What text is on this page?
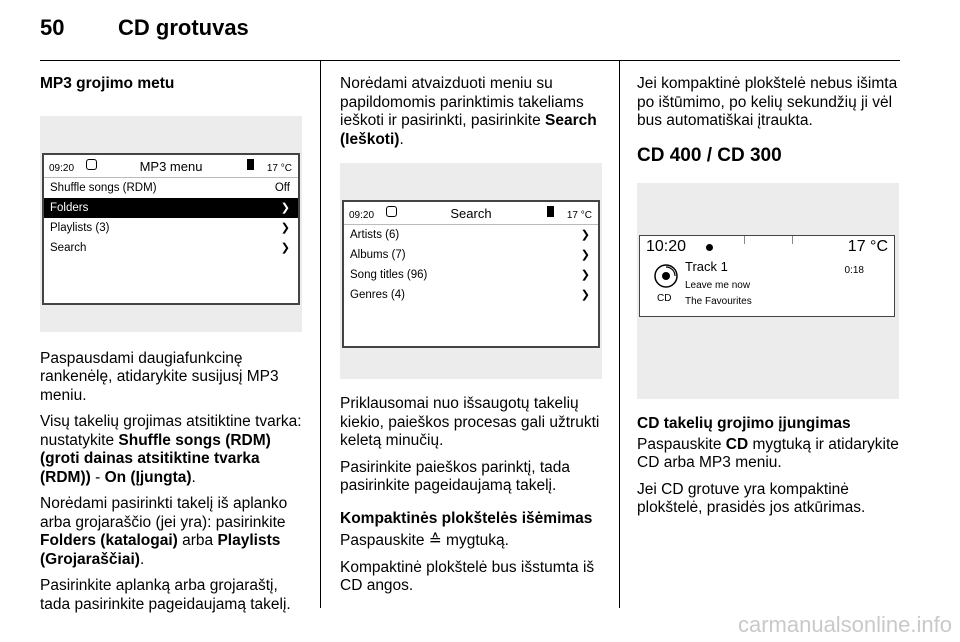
50 CD grotuvas
MP3 grojimo metu
09:20	MP3 menu	17 °C
Shuffle songs (RDM)	Off
Folders	❯
Playlists (3)	❯
Search	❯

Paspausdami daugiafunkcinę rankenėlę, atidarykite susijusį MP3 meniu.

Visų takelių grojimas atsitiktine tvarka: nustatykite Shuffle songs (RDM) (groti dainas atsitiktine tvarka (RDM)) - On (Įjungta).

Norėdami pasirinkti takelį iš aplanko arba grojaraščio (jei yra): pasirinkite Folders (katalogai) arba Playlists (Grojaraščiai).

Pasirinkite aplanką arba grojaraštį, tada pasirinkite pageidaujamą takelį.

Norėdami atvaizduoti meniu su papildomomis parinktimis takeliams ieškoti ir pasirinkti, pasirinkite Search (Ieškoti).

09:20	Search	17 °C
Artists (6)	❯
Albums (7)	❯
Song titles (96)	❯
Genres (4)	❯

Priklausomai nuo išsaugotų takelių kiekio, paieškos procesas gali užtrukti keletą minučių.

Pasirinkite paieškos parinktį, tada pasirinkite pageidaujamą takelį.

Kompaktinės plokštelės išėmimas

Paspauskite ≙ mygtuką.

Kompaktinė plokštelė bus išstumta iš CD angos.

Jei kompaktinė plokštelė nebus išimta po ištūmimo, po kelių sekundžių ji vėl bus automatiškai įtraukta.

CD 400 / CD 300
10:20	17 °C
CD
Track 1	0:18
Leave me now
The Favourites

CD takelių grojimo įjungimas

Paspauskite CD mygtuką ir atidarykite CD arba MP3 meniu.

Jei CD grotuve yra kompaktinė plokštelė, prasidės jos atkūrimas.

carmanualsonline.info
